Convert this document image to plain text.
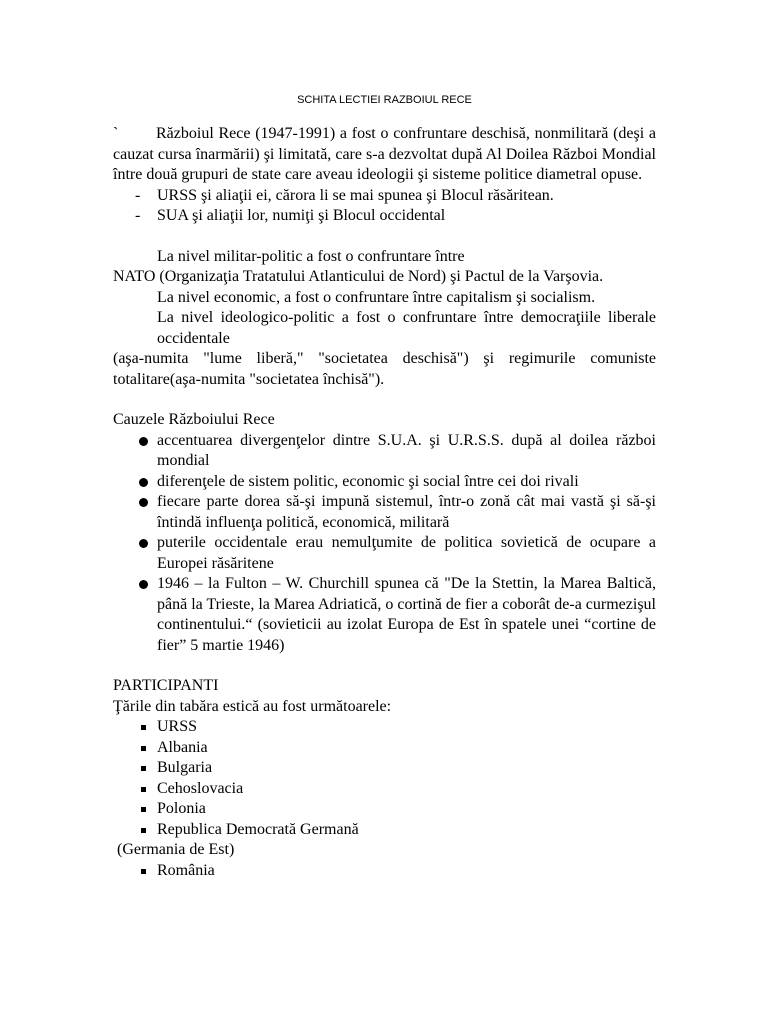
SCHITA LECTIEI RAZBOIUL RECE

` Războiul Rece (1947-1991) a fost o confruntare deschisă, nonmilitară (deşi a cauzat cursa înarmării) şi limitată, care s-a dezvoltat după Al Doilea Război Mondial între două grupuri de state care aveau ideologii şi sisteme politice diametral opuse.

- URSS şi aliaţii ei, cărora li se mai spunea şi Blocul răsăritean.
- SUA şi aliaţii lor, numiţi şi Blocul occidental

La nivel militar-politic a fost o confruntare între

NATO (Organizaţia Tratatului Atlanticului de Nord) şi Pactul de la Varşovia.

La nivel economic, a fost o confruntare între capitalism şi socialism.

La nivel ideologico-politic a fost o confruntare între democraţiile liberale occidentale

(aşa-numita "lume liberă," "societatea deschisă") şi regimurile comuniste totalitare(aşa-numita "societatea închisă").

Cauzele Războiului Rece

accentuarea divergenţelor dintre S.U.A. şi U.R.S.S. după al doilea război mondial
diferenţele de sistem politic, economic şi social între cei doi rivali
fiecare parte dorea să-şi impună sistemul, într-o zonă cât mai vastă şi să-şi întindă influenţa politică, economică, militară
puterile occidentale erau nemulţumite de politica sovietică de ocupare a Europei răsăritene
1946 – la Fulton – W. Churchill spunea că "De la Stettin, la Marea Baltică, până la Trieste, la Marea Adriatică, o cortină de fier a coborât de-a curmezişul continentului.“ (sovieticii au izolat Europa de Est în spatele unei “cortine de fier” 5 martie 1946)

PARTICIPANTI

Ţările din tabăra estică au fost următoarele:

URSS
Albania
Bulgaria
Cehoslovacia
Polonia
Republica Democrată Germană

(Germania de Est)

România
